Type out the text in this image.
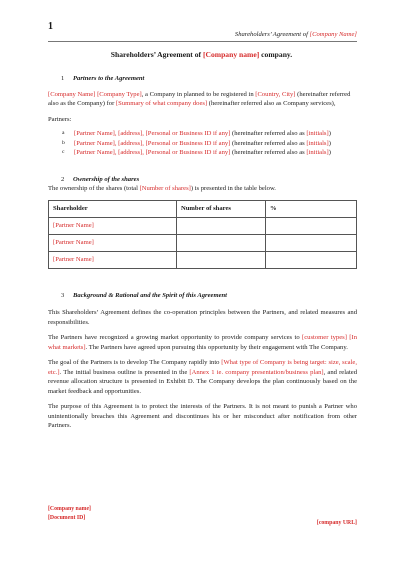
1
Shareholders’ Agreement of [Company Name]
Shareholders’ Agreement of [Company name] company.
1 Partners to the Agreement

[Company Name] [Company Type], a Company in planned to be registered in [Country, City] (hereinafter referred also as the Company) for [Summary of what company does] (hereinafter referred also as Company services),

Partners:

a	[Partner Name], [address], [Personal or Business ID if any] (hereinafter referred also as [initials])
b	[Partner Name], [address], [Personal or Business ID if any] (hereinafter referred also as [initials])
c	[Partner Name], [address], [Personal or Business ID if any] (hereinafter referred also as [initials])
2 Ownership of the shares

The ownership of the shares (total [Number of shares]) is presented in the table below.

Shareholder	Number of shares	%
[Partner Name]		
[Partner Name]		
[Partner Name]		
3 Background & Rational and the Spirit of this Agreement

This Shareholders’ Agreement defines the co-operation principles between the Partners, and related measures and responsibilities.

The Partners have recognized a growing market opportunity to provide company services to [customer types] [In what markets]. The Partners have agreed upon pursuing this opportunity by their engagement with The Company.

The goal of the Partners is to develop The Company rapidly into [What type of Company is being target: size, scale, etc.]. The initial business outline is presented in the [Annex 1 ie. company presentation/business plan], and related revenue allocation structure is presented in Exhibit D. The Company develops the plan continuously based on the market feedback and opportunities.

The purpose of this Agreement is to protect the interests of the Partners. It is not meant to punish a Partner who unintentionally breaches this Agreement and discontinues his or her misconduct after notification from other Partners.

[Company name]
[Document ID]
[company URL]
